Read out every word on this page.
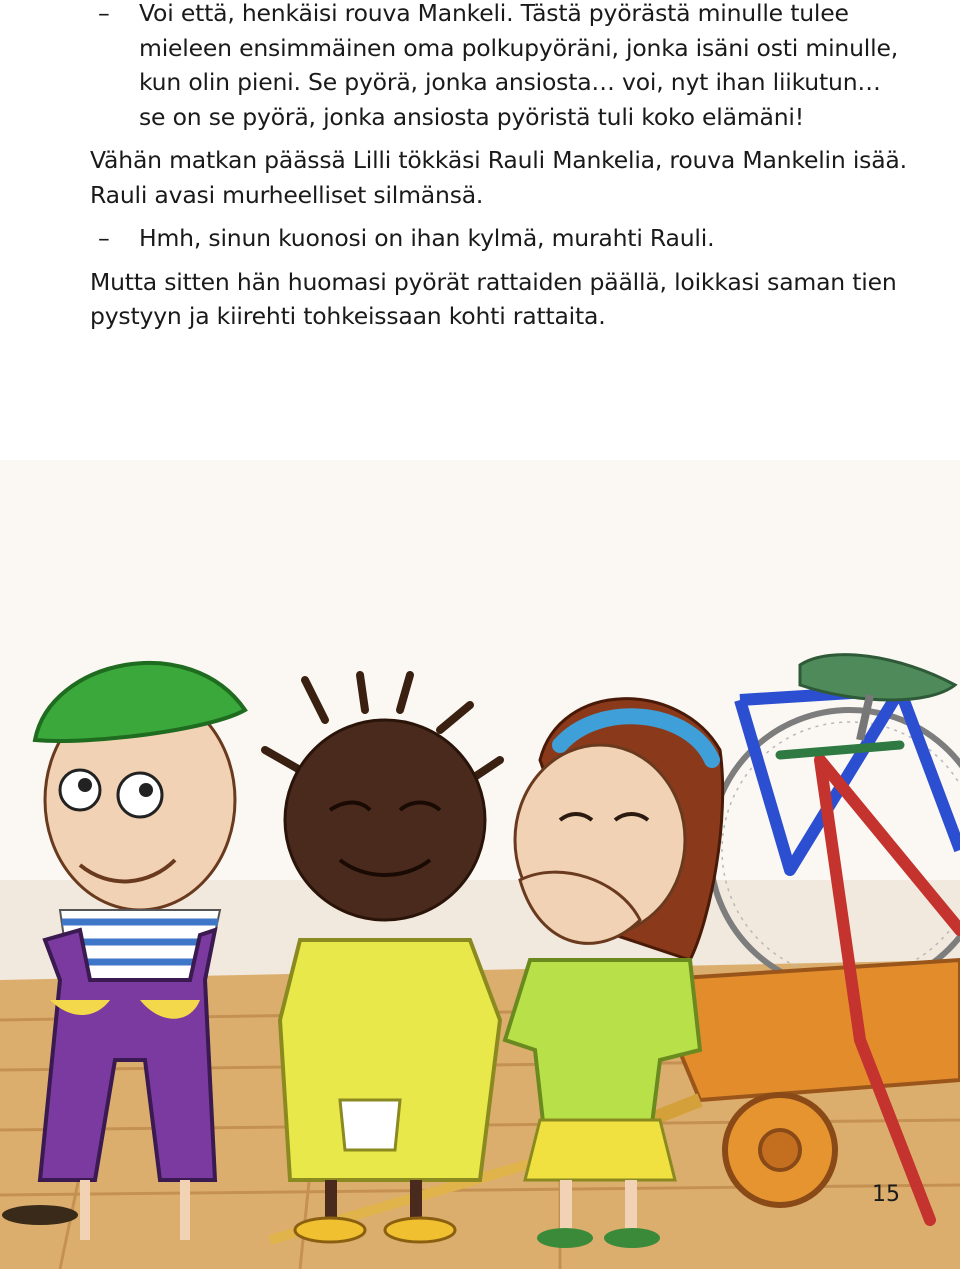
– Voi että, henkäisi rouva Mankeli. Tästä pyörästä minulle tulee mieleen ensimmäinen oma polkupyöräni, jonka isäni osti minulle, kun olin pieni. Se pyörä, jonka ansiosta… voi, nyt ihan liikutun… se on se pyörä, jonka ansiosta pyöristä tuli koko elämäni!
Vähän matkan päässä Lilli tökkäsi Rauli Mankelia, rouva Mankelin isää. Rauli avasi murheelliset silmänsä.
– Hmh, sinun kuonosi on ihan kylmä, murahti Rauli.
Mutta sitten hän huomasi pyörät rattaiden päällä, loikkasi saman tien pystyyn ja kiirehti tohkeissaan kohti rattaita.
15
